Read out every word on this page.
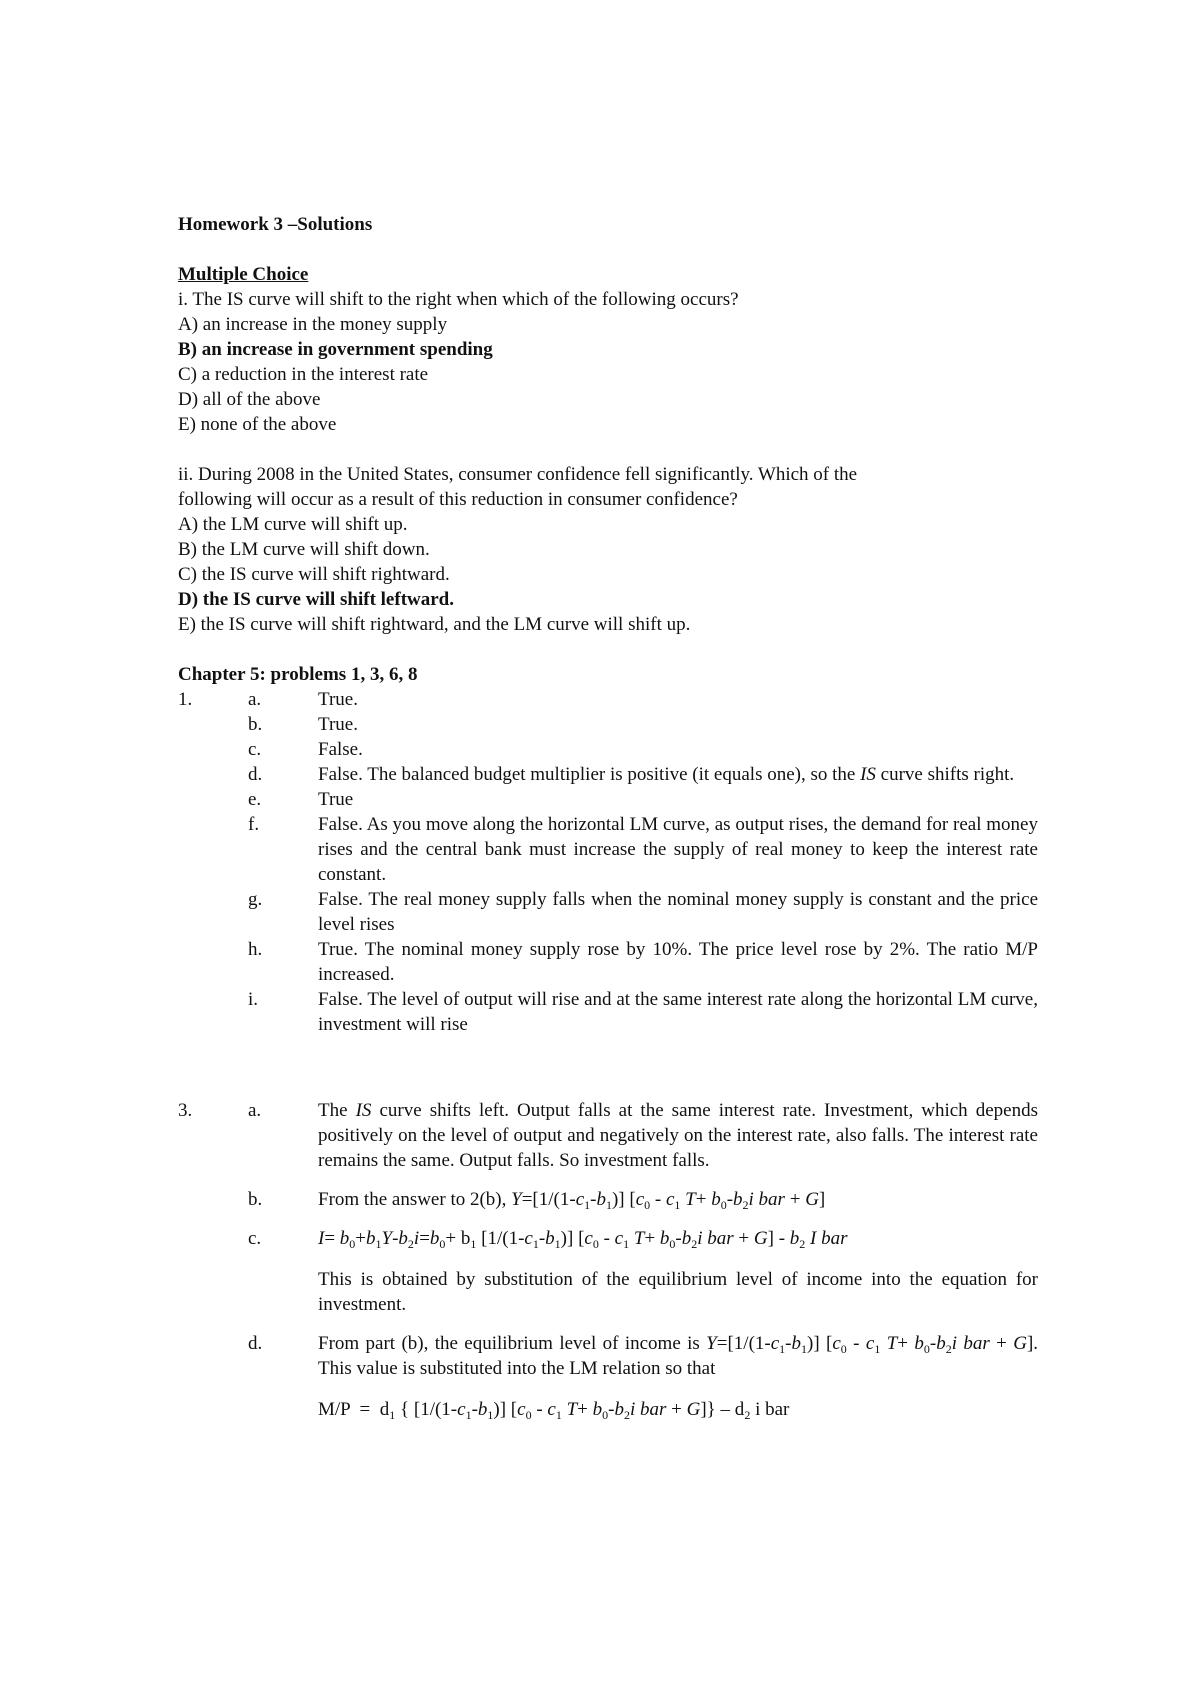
Homework 3 –Solutions
Multiple Choice
i. The IS curve will shift to the right when which of the following occurs?
A) an increase in the money supply
B) an increase in government spending
C) a reduction in the interest rate
D) all of the above
E) none of the above
ii. During 2008 in the United States, consumer confidence fell significantly. Which of the
following will occur as a result of this reduction in consumer confidence?
A) the LM curve will shift up.
B) the LM curve will shift down.
C) the IS curve will shift rightward.
D) the IS curve will shift leftward.
E) the IS curve will shift rightward, and the LM curve will shift up.
Chapter 5: problems 1, 3, 6, 8
1.	a.	True.
b.	True.
c.	False.
d.	False. The balanced budget multiplier is positive (it equals one), so the IS curve shifts right.
e.	True
f.	False. As you move along the horizontal LM curve, as output rises, the demand for real money rises and the central bank must increase the supply of real money to keep the interest rate constant.
g.	False. The real money supply falls when the nominal money supply is constant and the price level rises
h.	True. The nominal money supply rose by 10%. The price level rose by 2%. The ratio M/P increased.
i.	False. The level of output will rise and at the same interest rate along the horizontal LM curve, investment will rise
3.	a.	The IS curve shifts left. Output falls at the same interest rate. Investment, which depends positively on the level of output and negatively on the interest rate, also falls. The interest rate remains the same. Output falls. So investment falls.
b.	From the answer to 2(b), $Y=[1/(1-c_1-b_1)]$ [$c_0 - c_1$ $T+ b_0-b_2i$ bar + G]
c.	$I= b_0+b_1Y-b_2i=b_0+ b_1$ $[1/(1-c_1-b_1)]$ [$c_0 - c_1$ $T+ b_0-b_2i$ bar + $G] - b_2$ I bar
This is obtained by substitution of the equilibrium level of income into the equation for investment.
d.	From part (b), the equilibrium level of income is $Y=[1/(1-c_1-b_1)]$ [$c_0 - c_1$ $T+ b_0-b_2i$ bar + G]. This value is substituted into the LM relation so that
$M/P = d_1$ { $[1/(1-c_1-b_1)]$ [$c_0 - c_1$ $T+ b_0-b_2i$ bar + $G]\} - d_2$ i bar
